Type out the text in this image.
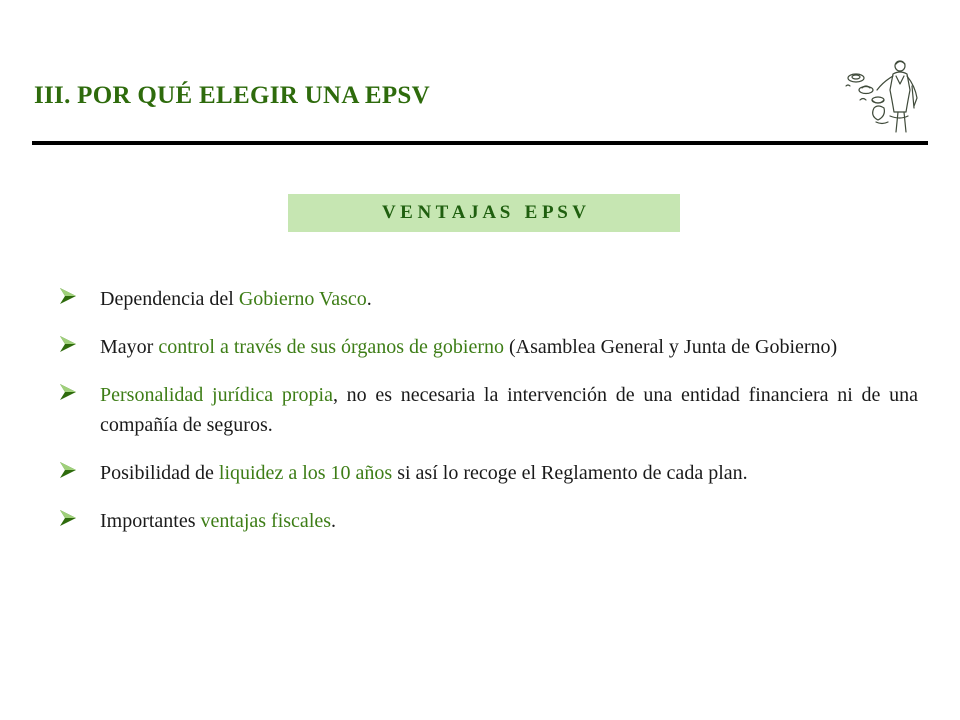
III. POR QUÉ ELEGIR UNA EPSV
V E N T A J A S   E P S V
Dependencia del Gobierno Vasco.
Mayor control a través de sus órganos de gobierno (Asamblea General y Junta de Gobierno)
Personalidad jurídica propia, no es necesaria la intervención de una entidad financiera ni de una compañía de seguros.
Posibilidad de liquidez a los 10 años si así lo recoge el Reglamento de cada plan.
Importantes ventajas fiscales.
